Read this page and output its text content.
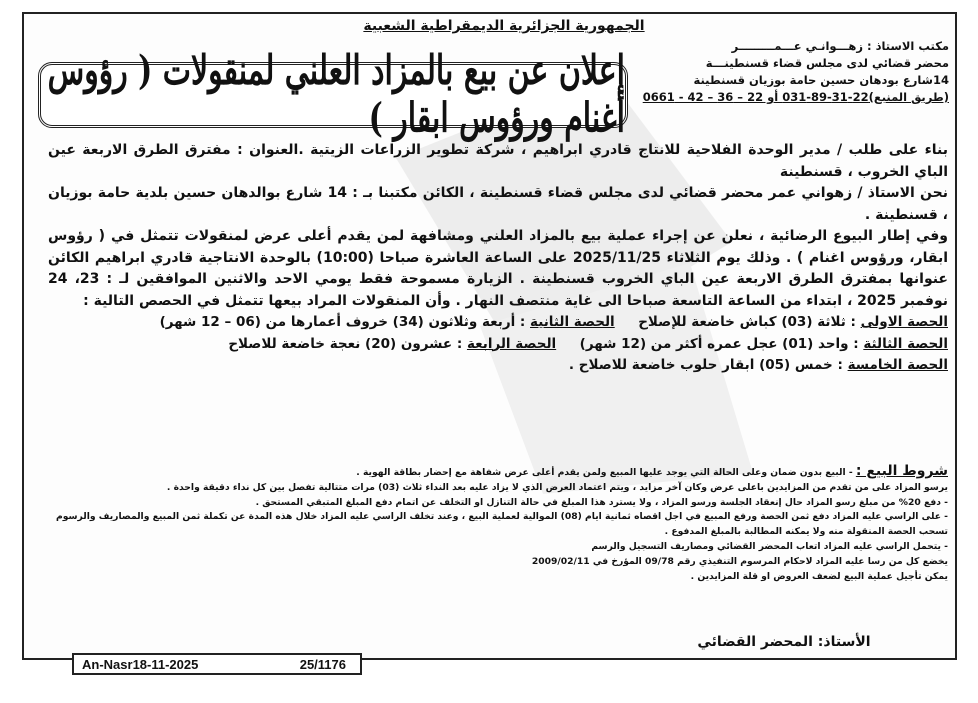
الجمهورية الجزائرية الديمقراطية الشعبية
مكتب الاستاذ : زهـــوانـي عـــمـــــــــر
محضر قضائي لدى مجلس قضاء قسنطينـــة
14شارع بودهان حسين حامة بوزيان قسنطينة
(طريق المنبع)22-31-89-031 أو 22 – 36 – 42 - 0661
إعلان عن بيع بالمزاد العلني لمنقولات ( رؤوس أغنام ورؤوس ابقار )

بناء على طلب / مدير الوحدة الفلاحية للانتاج قادري ابراهيم ، شركة تطوير الزراعات الزيتية .العنوان : مفترق الطرق الاربعة عين الباي الخروب ، قسنطينة

نحن الاستاذ / زهواني عمر محضر قضائي لدى مجلس قضاء قسنطينة ، الكائن مكتبنا بـ : 14 شارع بوالدهان حسين بلدية حامة بوزيان ، قسنطينة .

وفي إطار البيوع الرضائية ، نعلن عن إجراء عملية بيع بالمزاد العلني ومشافهة لمن يقدم أعلى عرض لمنقولات تتمثل في ( رؤوس ابقار، ورؤوس اغنام ) . وذلك يوم الثلاثاء 2025/11/25 على الساعة العاشرة صباحا (10:00) بالوحدة الانتاجية قادري ابراهيم الكائن عنوانها بمفترق الطرق الاربعة عين الباي الخروب قسنطينة . الزيارة مسموحة فقط يومي الاحد والاثنين الموافقين لـ : 23، 24 نوفمبر 2025 ، ابتداء من الساعة التاسعة صباحا الى غاية منتصف النهار . وأن المنقولات المراد بيعها تتمثل في الحصص التالية :

الحصة الاولى : ثلاثة (03) كباش خاضعة للإصلاح     الحصة الثانية : أربعة وثلاثون (34) خروف أعمارها من (06 – 12 شهر)

الحصة الثالثة : واحد (01) عجل عمره أكثر من (12 شهر)     الحصة الرابعة : عشرون (20) نعجة خاضعة للاصلاح

الحصة الخامسة : خمس (05) ابقار حلوب خاضعة للاصلاح .

شروط البيع : - البيع بدون ضمان وعلى الحالة التي يوجد عليها المبيع ولمن يقدم أعلى عرض شفاهة مع إحضار بطاقة الهوية .

يرسو المزاد على من تقدم من المزايدين باعلى عرض وكان آخر مزايد ، ويتم اعتماد العرض الذي لا يزاد عليه بعد النداء ثلاث (03) مرات متتالية تفصل بين كل نداء دقيقة واحدة .

- دفع 20% من مبلغ رسو المزاد حال إنعقاد الجلسة ورسو المزاد ، ولا يسترد هذا المبلغ في حالة التنازل او التخلف عن اتمام دفع المبلغ المتبقي المستحق .

- على الراسي عليه المزاد دفع ثمن الحصة ورفع المبيع في اجل اقصاه ثمانية ايام (08) الموالية لعملية البيع ، وعند تخلف الراسي عليه المزاد خلال هذه المدة عن تكملة ثمن المبيع والمصاريف والرسوم تسحب الحصة المنقولة منه ولا يمكنه المطالبة بالمبلغ المدفوع .

- يتحمل الراسي عليه المزاد اتعاب المحضر القضائي ومصاريف التسجيل والرسم

يخضع كل من رسا عليه المزاد لاحكام المرسوم التنفيذي رقم 09/78 المؤرخ في 2009/02/11

يمكن تأجيل عملية البيع لضعف العروض او قلة المزايدين .

الأستاذ: المحضر القضائي
An-Nasr18-11-2025	25/1176
